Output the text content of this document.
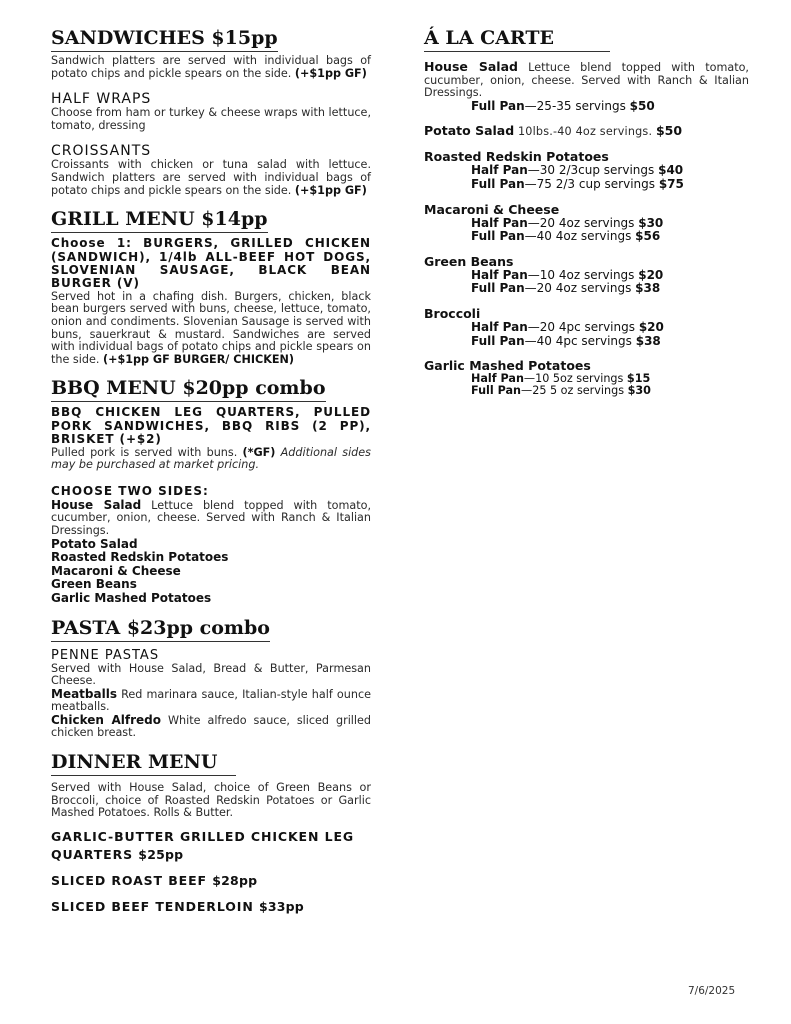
SANDWICHES $15pp

Sandwich platters are served with individual bags of potato chips and pickle spears on the side. (+$1pp GF)

HALF WRAPS

Choose from ham or turkey & cheese wraps with lettuce, tomato, dressing

CROISSANTS

Croissants with chicken or tuna salad with lettuce. Sandwich platters are served with individual bags of potato chips and pickle spears on the side. (+$1pp GF)

GRILL MENU $14pp

Choose 1: BURGERS, GRILLED CHICKEN (SANDWICH), 1/4lb ALL-BEEF HOT DOGS, SLOVENIAN SAUSAGE, BLACK BEAN BURGER (V)

Served hot in a chafing dish. Burgers, chicken, black bean burgers served with buns, cheese, lettuce, tomato, onion and condiments. Slovenian Sausage is served with buns, sauerkraut & mustard. Sandwiches are served with individual bags of potato chips and pickle spears on the side. (+$1pp GF BURGER/ CHICKEN)

BBQ MENU $20pp combo

BBQ CHICKEN LEG QUARTERS, PULLED PORK SANDWICHES, BBQ RIBS (2 PP), BRISKET (+$2)

Pulled pork is served with buns. (*GF) Additional sides may be purchased at market pricing.

CHOOSE TWO SIDES:

House Salad Lettuce blend topped with tomato, cucumber, onion, cheese. Served with Ranch & Italian Dressings.

Potato Salad

Roasted Redskin Potatoes

Macaroni & Cheese

Green Beans

Garlic Mashed Potatoes

PASTA $23pp combo

PENNE PASTAS

Served with House Salad, Bread & Butter, Parmesan Cheese.

Meatballs Red marinara sauce, Italian-style half ounce meatballs.

Chicken Alfredo White alfredo sauce, sliced grilled chicken breast.

DINNER MENU

Served with House Salad, choice of Green Beans or Broccoli, choice of Roasted Redskin Potatoes or Garlic Mashed Potatoes. Rolls & Butter.

GARLIC-BUTTER GRILLED CHICKEN LEG QUARTERS $25pp

SLICED ROAST BEEF $28pp

SLICED BEEF TENDERLOIN $33pp

Á LA CARTE

House Salad Lettuce blend topped with tomato, cucumber, onion, cheese. Served with Ranch & Italian Dressings.

Full Pan—25-35 servings $50

Potato Salad 10lbs.-40 4oz servings. $50

Roasted Redskin Potatoes

Half Pan—30 2/3cup servings $40

Full Pan—75 2/3 cup servings $75

Macaroni & Cheese

Half Pan—20 4oz servings $30

Full Pan—40 4oz servings $56

Green Beans

Half Pan—10 4oz servings $20

Full Pan—20 4oz servings $38

Broccoli

Half Pan—20 4pc servings $20

Full Pan—40 4pc servings $38

Garlic Mashed Potatoes

Half Pan—10 5oz servings $15

Full Pan—25 5 oz servings $30

7/6/2025
